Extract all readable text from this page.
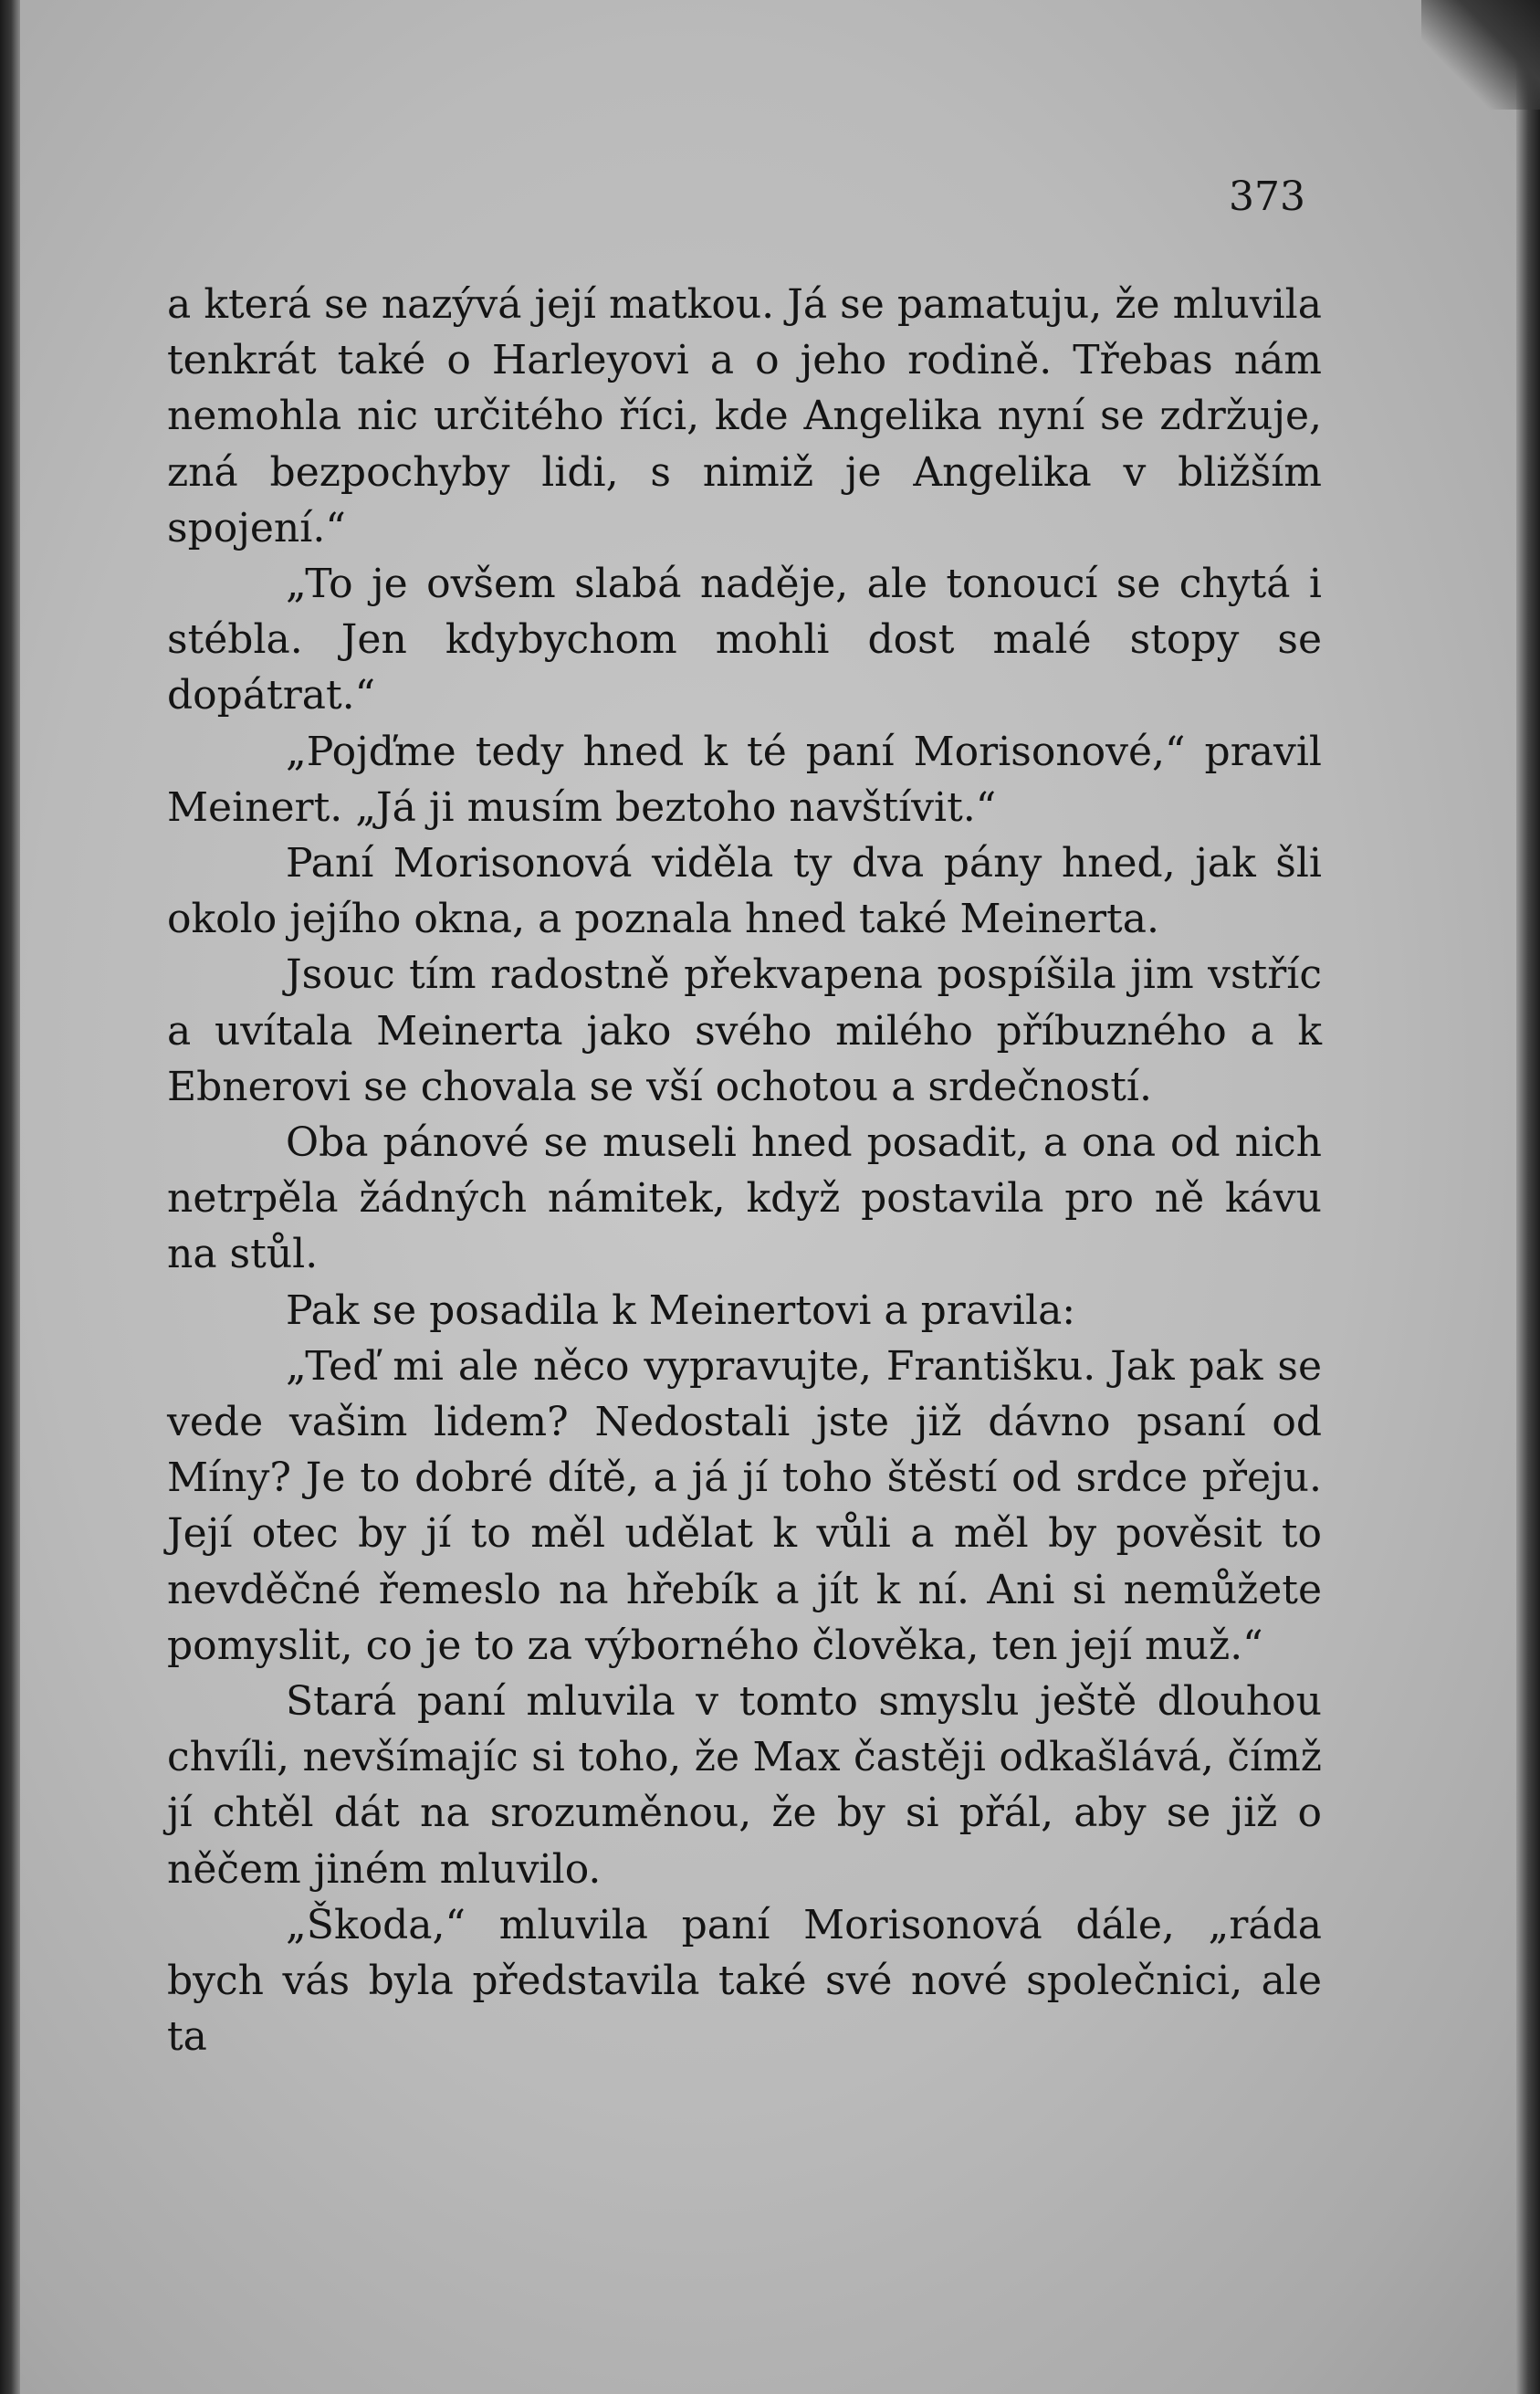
373

a která se nazývá její matkou. Já se pamatuju, že mluvila tenkrát také o Harleyovi a o jeho rodině. Třebas nám nemohla nic určitého říci, kde Angelika nyní se zdržuje, zná bezpochyby lidi, s nimiž je Angelika v bližším spojení.“

„To je ovšem slabá naděje, ale tonoucí se chytá i stébla. Jen kdybychom mohli dost malé stopy se dopátrat.“

„Pojďme tedy hned k té paní Morisonové,“ pravil Meinert. „Já ji musím beztoho navštívit.“

Paní Morisonová viděla ty dva pány hned, jak šli okolo jejího okna, a poznala hned také Meinerta.

Jsouc tím radostně překvapena pospíšila jim vstříc a uvítala Meinerta jako svého milého příbuzného a k Ebnerovi se chovala se vší ochotou a srdečností.

Oba pánové se museli hned posadit, a ona od nich netrpěla žádných námitek, když postavila pro ně kávu na stůl.

Pak se posadila k Meinertovi a pravila:

„Teď mi ale něco vypravujte, Františku. Jak pak se vede vašim lidem? Nedostali jste již dávno psaní od Míny? Je to dobré dítě, a já jí toho štěstí od srdce přeju. Její otec by jí to měl udělat k vůli a měl by pověsit to nevděčné řemeslo na hřebík a jít k ní. Ani si nemůžete pomyslit, co je to za výborného člověka, ten její muž.“

Stará paní mluvila v tomto smyslu ještě dlouhou chvíli, nevšímajíc si toho, že Max častěji odkašlává, čímž jí chtěl dát na srozuměnou, že by si přál, aby se již o něčem jiném mluvilo.

„Škoda,“ mluvila paní Morisonová dále, „ráda bych vás byla představila také své nové společnici, ale ta
